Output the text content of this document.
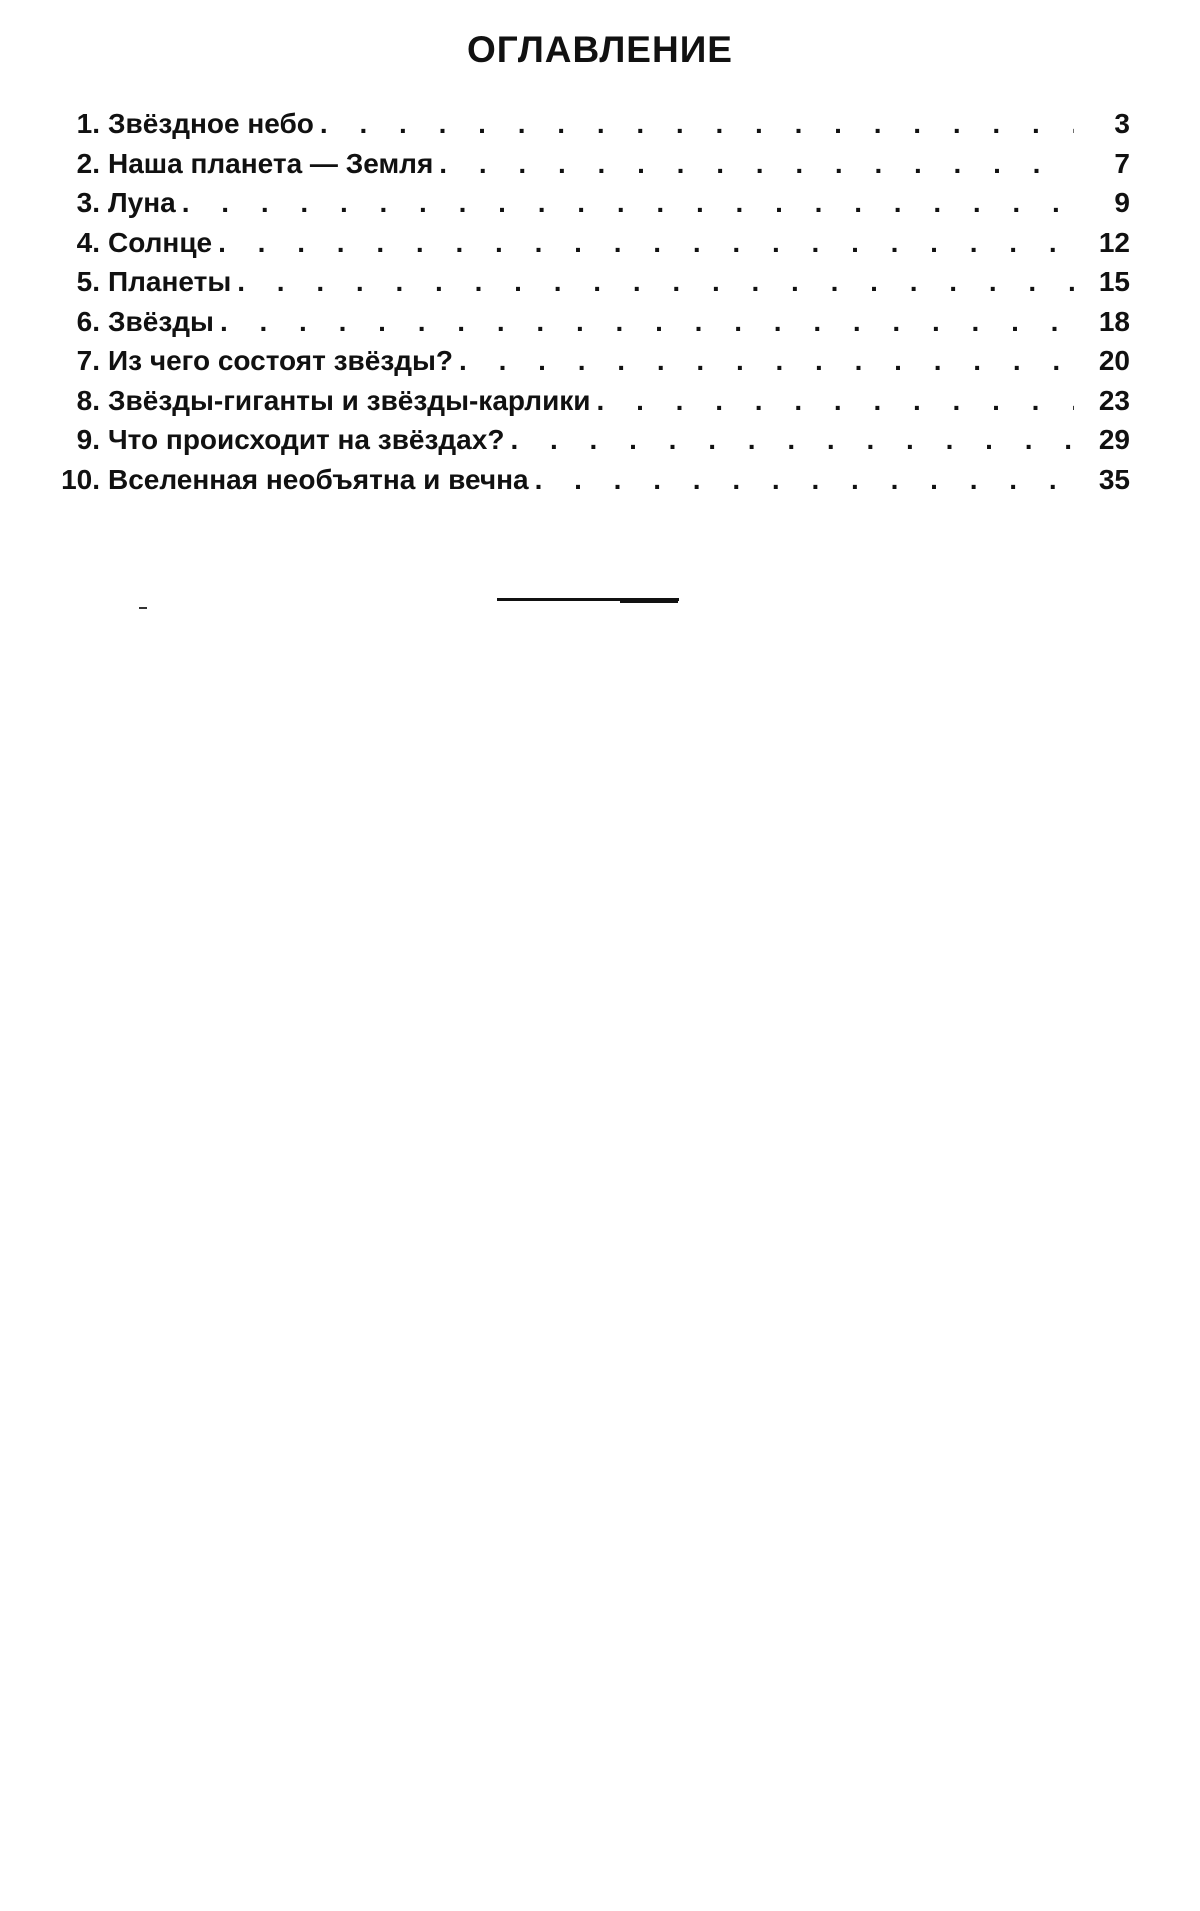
ОГЛАВЛЕНИЕ
1. Звёздное небо . . .	3
2. Наша планета — Земля . . .	7
3. Луна . . .	9
4. Солнце . . .	12
5. Планеты . . .	15
6. Звёзды . . .	18
7. Из чего состоят звёзды? . . .	20
8. Звёзды-гиганты и звёзды-карлики . . .	23
9. Что происходит на звёздах? . . .	29
10. Вселенная необъятна и вечна . . .	35
